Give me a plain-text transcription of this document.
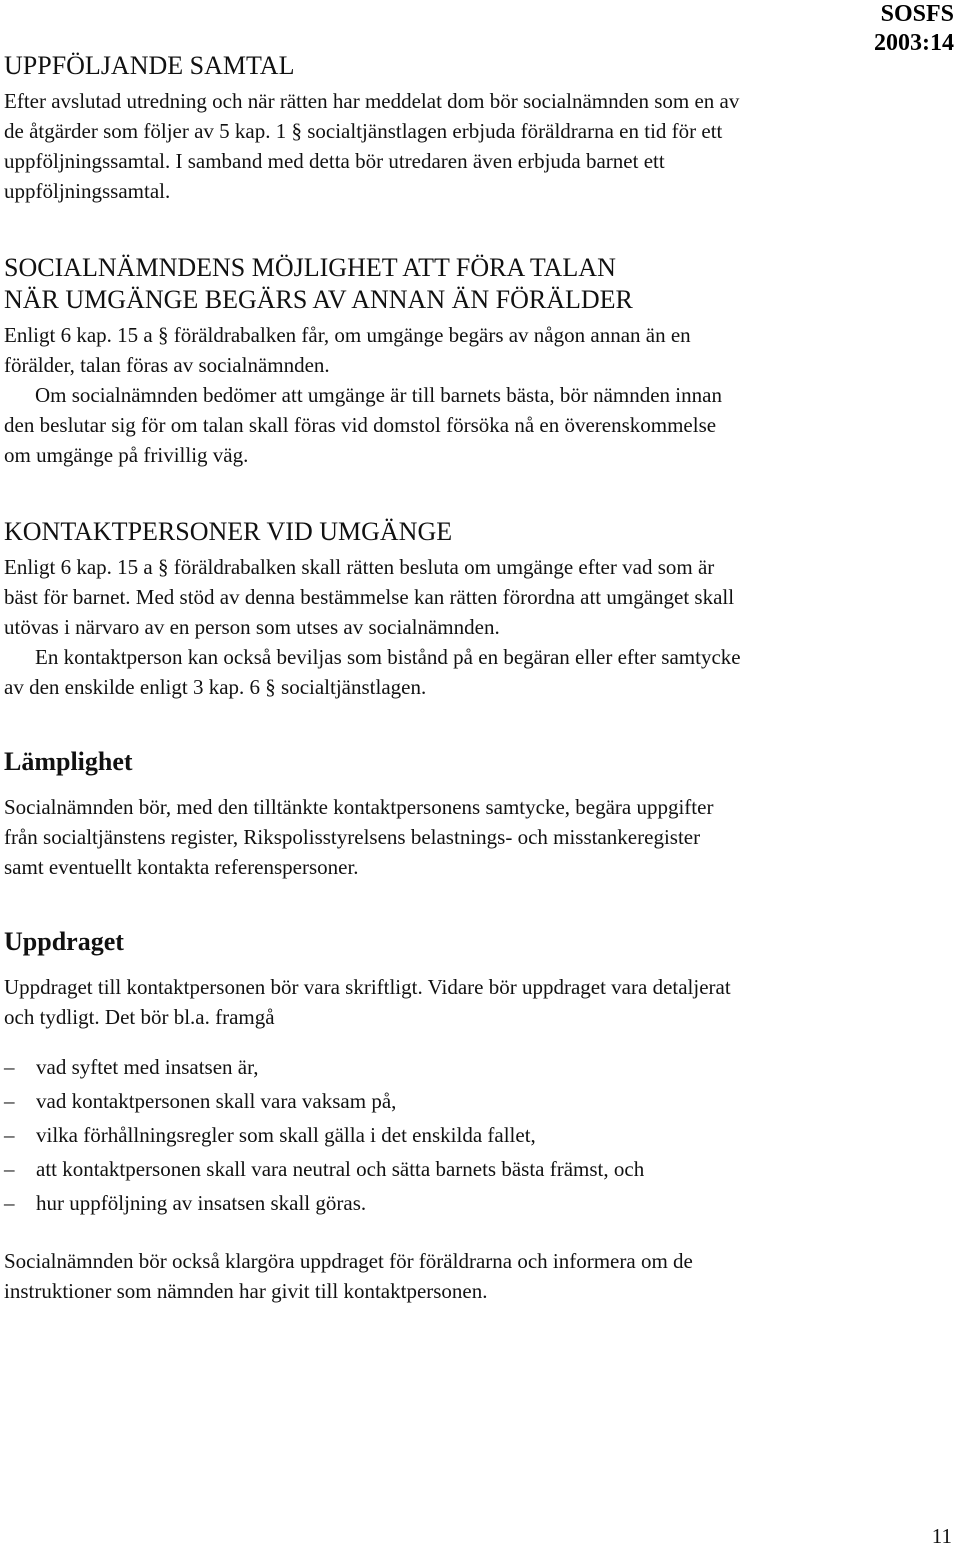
SOSFS
2003:14
UPPFÖLJANDE SAMTAL

Efter avslutad utredning och när rätten har meddelat dom bör socialnämnden som en av de åtgärder som följer av 5 kap. 1 § socialtjänstlagen erbjuda föräldrarna en tid för ett uppföljningssamtal. I samband med detta bör utredaren även erbjuda barnet ett uppföljningssamtal.

SOCIALNÄMNDENS MÖJLIGHET ATT FÖRA TALAN
NÄR UMGÄNGE BEGÄRS AV ANNAN ÄN FÖRÄLDER

Enligt 6 kap. 15 a § föräldrabalken får, om umgänge begärs av någon annan än en förälder, talan föras av socialnämnden.

Om socialnämnden bedömer att umgänge är till barnets bästa, bör nämnden innan den beslutar sig för om talan skall föras vid domstol försöka nå en överenskommelse om umgänge på frivillig väg.

KONTAKTPERSONER VID UMGÄNGE

Enligt 6 kap. 15 a § föräldrabalken skall rätten besluta om umgänge efter vad som är bäst för barnet. Med stöd av denna bestämmelse kan rätten förordna att umgänget skall utövas i närvaro av en person som utses av socialnämnden.

En kontaktperson kan också beviljas som bistånd på en begäran eller efter samtycke av den enskilde enligt 3 kap. 6 § socialtjänstlagen.

Lämplighet

Socialnämnden bör, med den tilltänkte kontaktpersonens samtycke, begära uppgifter från socialtjänstens register, Rikspolisstyrelsens belastnings- och misstankeregister samt eventuellt kontakta referenspersoner.

Uppdraget

Uppdraget till kontaktpersonen bör vara skriftligt. Vidare bör uppdraget vara detaljerat och tydligt. Det bör bl.a. framgå

– vad syftet med insatsen är,
– vad kontaktpersonen skall vara vaksam på,
– vilka förhållningsregler som skall gälla i det enskilda fallet,
– att kontaktpersonen skall vara neutral och sätta barnets bästa främst, och
– hur uppföljning av insatsen skall göras.

Socialnämnden bör också klargöra uppdraget för föräldrarna och informera om de instruktioner som nämnden har givit till kontaktpersonen.

11
